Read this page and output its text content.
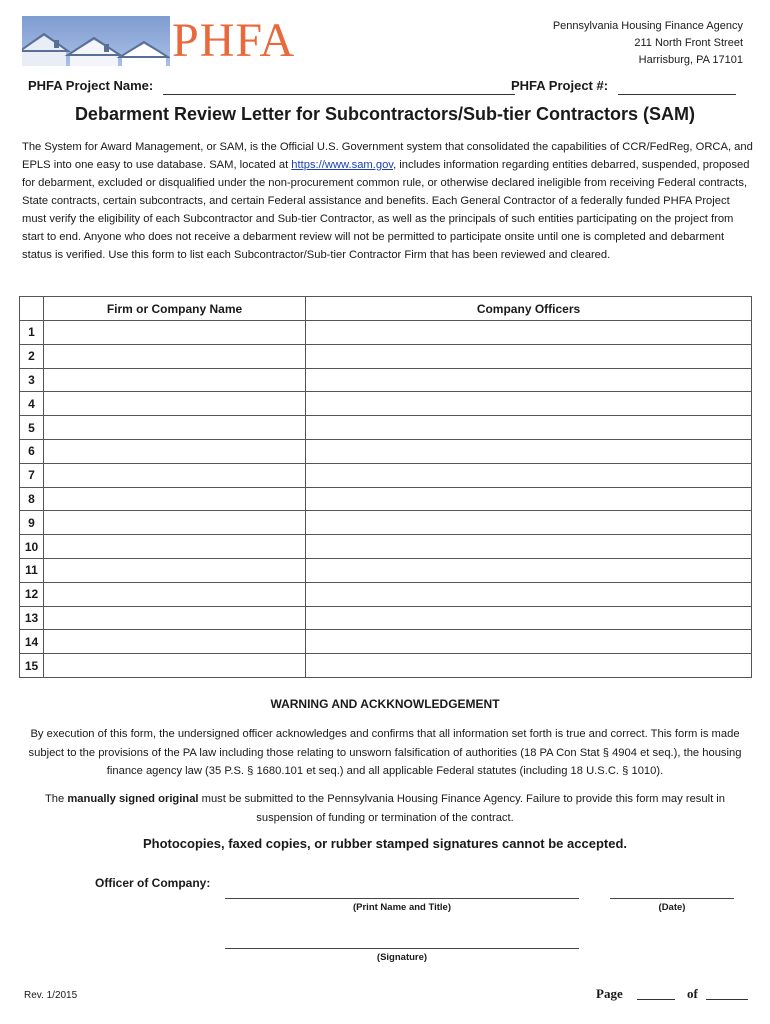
PHFA	Pennsylvania Housing Finance Agency
211 North Front Street
Harrisburg, PA 17101
PHFA Project Name:	PHFA Project #:
Debarment Review Letter for Subcontractors/Sub-tier Contractors (SAM)
The System for Award Management, or SAM, is the Official U.S. Government system that consolidated the capabilities of CCR/FedReg, ORCA, and EPLS into one easy to use database. SAM, located at https://www.sam.gov, includes information regarding entities debarred, suspended, proposed for debarment, excluded or disqualified under the non-procurement common rule, or otherwise declared ineligible from receiving Federal contracts, State contracts, certain subcontracts, and certain Federal assistance and benefits. Each General Contractor of a federally funded PHFA Project must verify the eligibility of each Subcontractor and Sub-tier Contractor, as well as the principals of such entities participating on the project from start to end. Anyone who does not receive a debarment review will not be permitted to participate onsite until one is completed and debarment status is verified. Use this form to list each Subcontractor/Sub-tier Contractor Firm that has been reviewed and cleared.
	Firm or Company Name	Company Officers
1		
2		
3		
4		
5		
6		
7		
8		
9		
10		
11		
12		
13		
14		
15		
WARNING AND ACKKNOWLEDGEMENT
By execution of this form, the undersigned officer acknowledges and confirms that all information set forth is true and correct. This form is made subject to the provisions of the PA law including those relating to unsworn falsification of authorities (18 PA Con Stat § 4904 et seq.), the housing finance agency law (35 P.S. § 1680.101 et seq.) and all applicable Federal statutes (including 18 U.S.C. § 1010).
The manually signed original must be submitted to the Pennsylvania Housing Finance Agency. Failure to provide this form may result in suspension of funding or termination of the contract.
Photocopies, faxed copies, or rubber stamped signatures cannot be accepted.
Officer of Company:
(Print Name and Title)	(Date)
(Signature)
Rev. 1/2015	Page	of
